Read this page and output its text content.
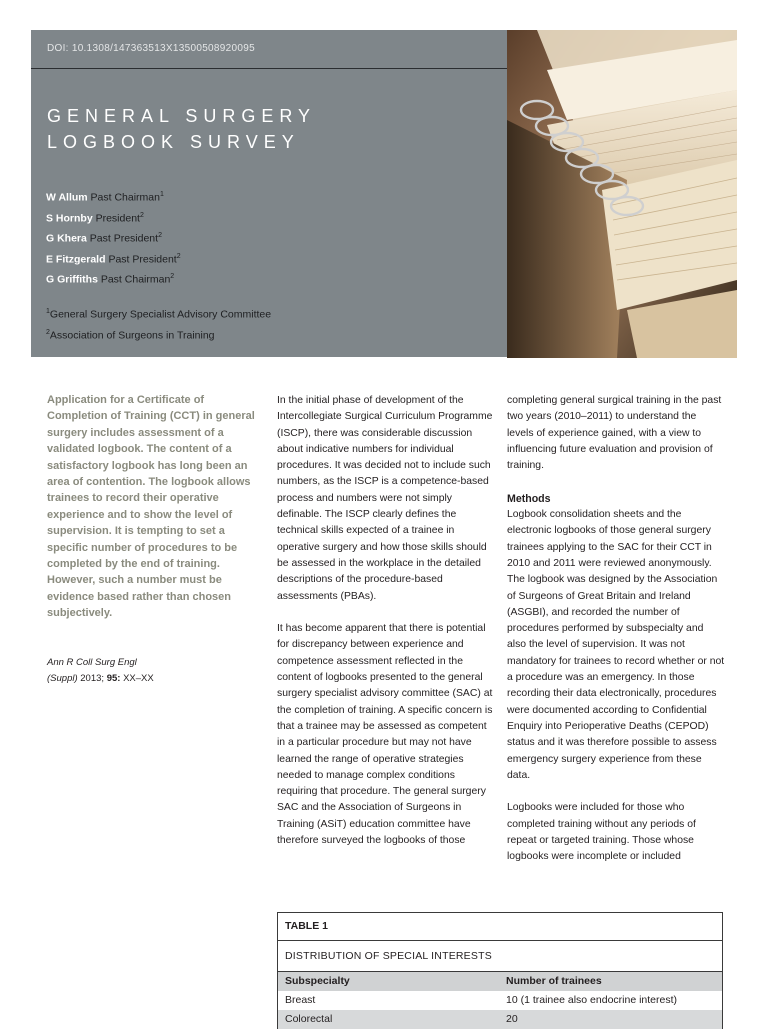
DOI: 10.1308/147363513X13500508920095
GENERAL SURGERY
LOGBOOK SURVEY
W Allum Past Chairman$^1$
S Hornby President$^2$
G Khera Past President$^2$
E Fitzgerald Past President$^2$
G Griffiths Past Chairman$^2$
$^1$General Surgery Specialist Advisory Committee
$^2$Association of Surgeons in Training

Application for a Certificate of Completion of Training (CCT) in general surgery includes assessment of a validated logbook. The content of a satisfactory logbook has long been an area of contention. The logbook allows trainees to record their operative experience and to show the level of supervision. It is tempting to set a specific number of procedures to be completed by the end of training. However, such a number must be evidence based rather than chosen subjectively.

Ann R Coll Surg Engl
(Suppl) 2013; 95: XX–XX

In the initial phase of development of the Intercollegiate Surgical Curriculum Programme (ISCP), there was considerable discussion about indicative numbers for individual procedures. It was decided not to include such numbers, as the ISCP is a competence-based process and numbers were not simply definable. The ISCP clearly defines the technical skills expected of a trainee in operative surgery and how those skills should be assessed in the workplace in the detailed descriptions of the procedure-based assessments (PBAs).

It has become apparent that there is potential for discrepancy between experience and competence assessment reflected in the content of logbooks presented to the general surgery specialist advisory committee (SAC) at the completion of training. A specific concern is that a trainee may be assessed as competent in a particular procedure but may not have learned the range of operative strategies needed to manage complex conditions requiring that procedure. The general surgery SAC and the Association of Surgeons in Training (ASiT) education committee have therefore surveyed the logbooks of those

completing general surgical training in the past two years (2010–2011) to understand the levels of experience gained, with a view to influencing future evaluation and provision of training.

Methods

Logbook consolidation sheets and the electronic logbooks of those general surgery trainees applying to the SAC for their CCT in 2010 and 2011 were reviewed anonymously. The logbook was designed by the Association of Surgeons of Great Britain and Ireland (ASGBI), and recorded the number of procedures performed by subspecialty and also the level of supervision. It was not mandatory for trainees to record whether or not a procedure was an emergency. In those recording their data electronically, procedures were documented according to Confidential Enquiry into Perioperative Deaths (CEPOD) status and it was therefore possible to assess emergency surgery experience from these data.

Logbooks were included for those who completed training without any periods of repeat or targeted training. Those whose logbooks were incomplete or included

TABLE 1
DISTRIBUTION OF SPECIAL INTERESTS
Subspecialty	Number of trainees
Breast	10 (1 trainee also endocrine interest)
Colorectal	20
